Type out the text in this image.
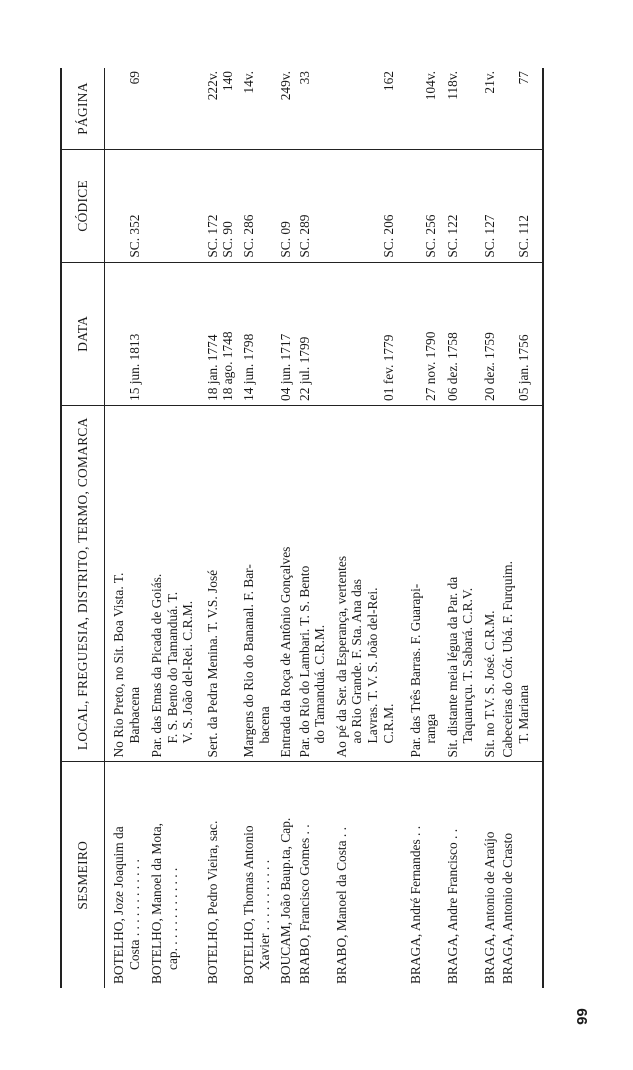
SESMEIRO	LOCAL, FREGUESIA, DISTRITO, TERMO, COMARCA	DATA	CÓDICE	PÁGINA

BOTELHO, Joze Joaquim da Costa . . . . . . . . . . . .	No Rio Preto, no Sit. Boa Vista. T. Barbacena	15 jun. 1813	SC. 352	69

BOTELHO, Manoel da Mota, cap. . . . . . . . . . . . .	Par. das Emas da Picada de Goiás. F. S. Bento do Tamanduá. T. V. S. João del-Rei. C.R.M.			

BOTELHO, Pedro Vieira, sac.	Sert. da Pedra Menina. T. V.S. José	18 jan. 1774 18 ago. 1748	SC. 172 SC. 90	222v. 140

BOTELHO, Thomas Antonio Xavier . . . . . . . . . . .	Margens do Rio do Bananal. F. Bar- bacena	14 jun. 1798	SC. 286	14v.

BOUCAM, João Baup.ta, Cap.	Entrada da Roça de Antônio Gonçalves	04 jun. 1717	SC. 09	249v.

BRABO, Francisco Gomes . .	Par. do Rio do Lambari. T. S. Bento do Tamanduá. C.R.M.	22 jul. 1799	SC. 289	33

BRABO, Manoel da Costa . .	Ao pé da Ser. da Esperança, vertentes ao Rio Grande. F. Sta. Ana das Lavras. T. V. S. João del-Rei. C.R.M.	01 fev. 1779	SC. 206	162

BRAGA, André Fernandes . .	Par. das Três Barras. F. Guarapi- ranga	27 nov. 1790	SC. 256	104v.

BRAGA, Andre Francisco . .	Sit. distante meia légua da Par. da Taquaruçu. T. Sabará. C.R.V.	06 dez. 1758	SC. 122	118v.

BRAGA, Antonio de Araújo	Sit. no T.V. S. José. C.R.M.	20 dez. 1759	SC. 127	21v.

BRAGA, Antonio de Crasto	Cabeceiras do Cór. Ubá. F. Furquim. T. Mariana	05 jan. 1756	SC. 112	77
99
